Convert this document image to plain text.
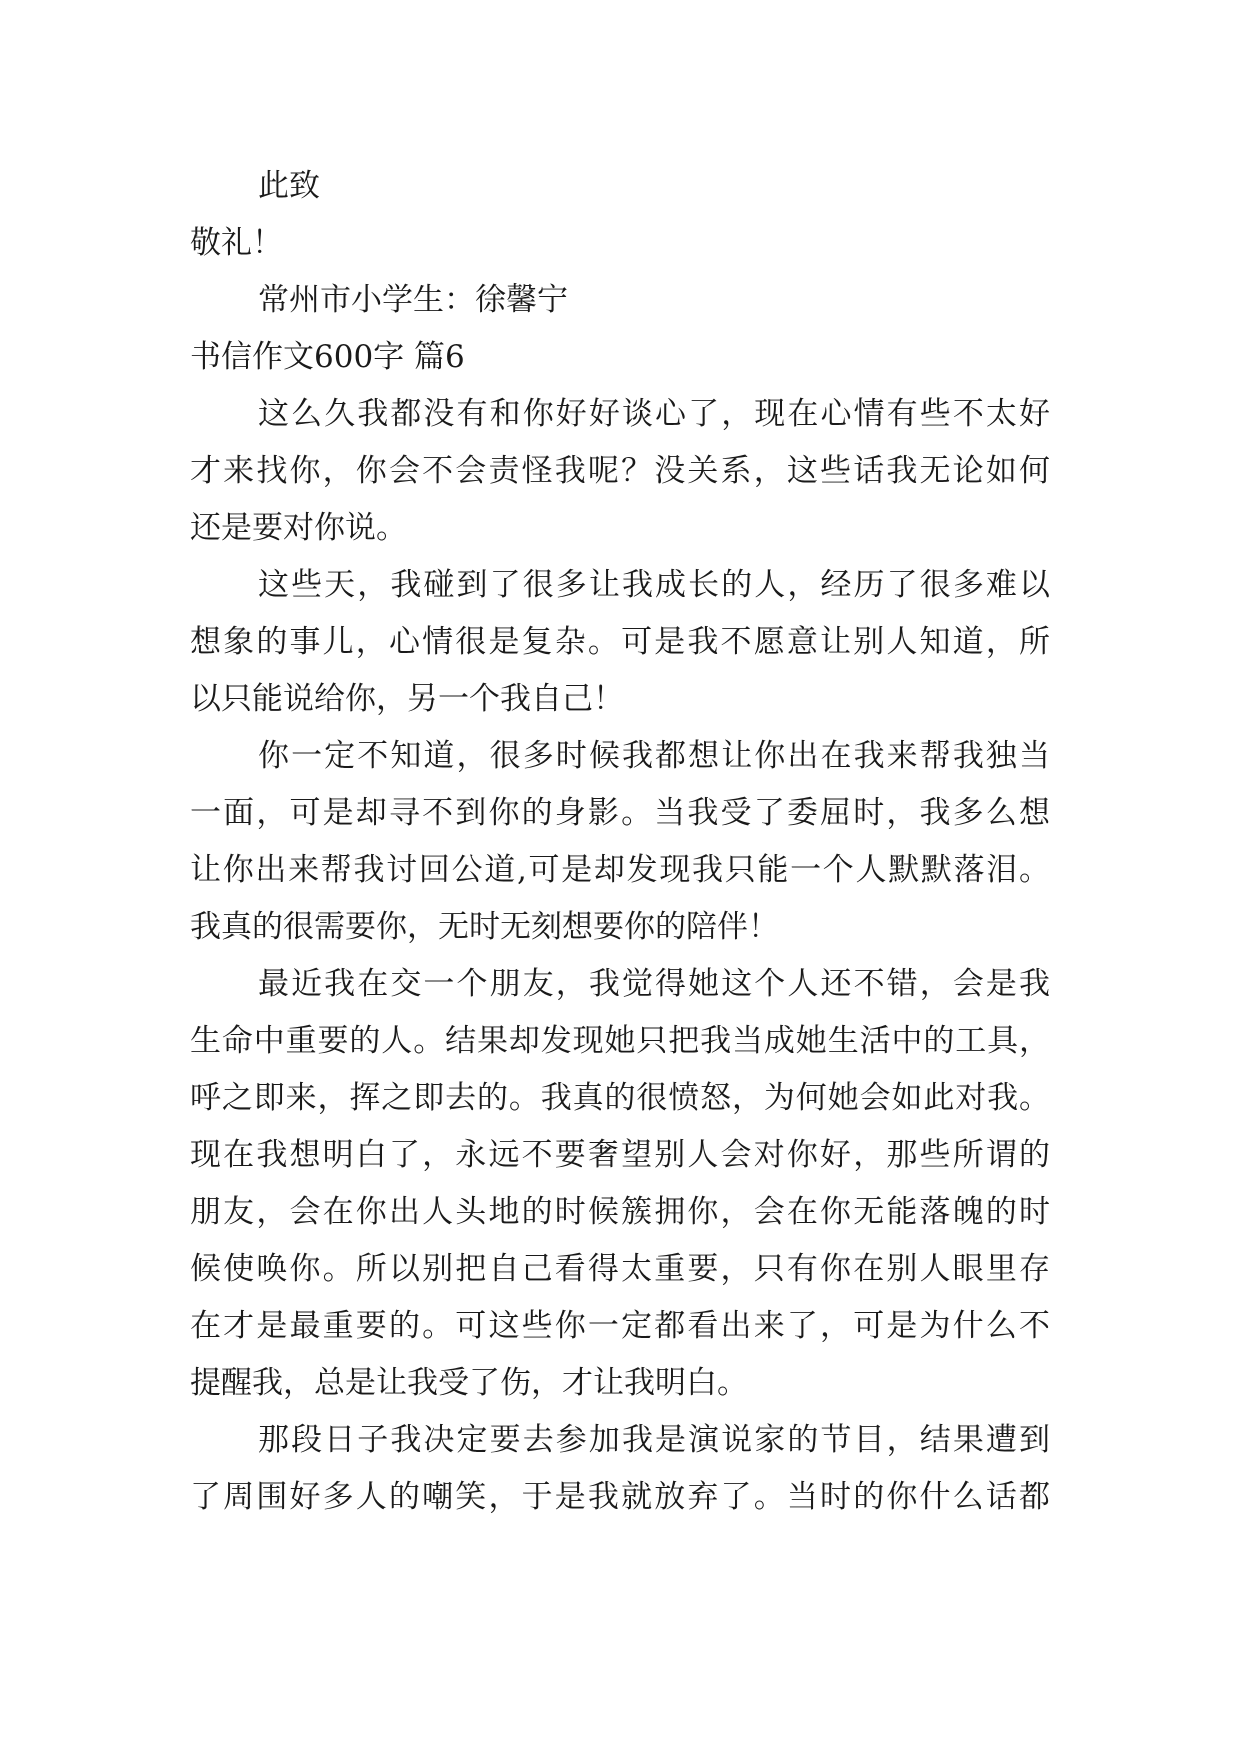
此致
敬礼！
常州市小学生：徐馨宁
书信作文600字 篇6
这么久我都没有和你好好谈心了，现在心情有些不太好
才来找你，你会不会责怪我呢？没关系，这些话我无论如何
还是要对你说。
这些天，我碰到了很多让我成长的人，经历了很多难以
想象的事儿，心情很是复杂。可是我不愿意让别人知道，所
以只能说给你，另一个我自己！
你一定不知道，很多时候我都想让你出在我来帮我独当
一面，可是却寻不到你的身影。当我受了委屈时，我多么想
让你出来帮我讨回公道,可是却发现我只能一个人默默落泪。
我真的很需要你，无时无刻想要你的陪伴！
最近我在交一个朋友，我觉得她这个人还不错，会是我
生命中重要的人。结果却发现她只把我当成她生活中的工具，
呼之即来，挥之即去的。我真的很愤怒，为何她会如此对我。
现在我想明白了，永远不要奢望别人会对你好，那些所谓的
朋友，会在你出人头地的时候簇拥你，会在你无能落魄的时
候使唤你。所以别把自己看得太重要，只有你在别人眼里存
在才是最重要的。可这些你一定都看出来了，可是为什么不
提醒我，总是让我受了伤，才让我明白。
那段日子我决定要去参加我是演说家的节目，结果遭到
了周围好多人的嘲笑，于是我就放弃了。当时的你什么话都
